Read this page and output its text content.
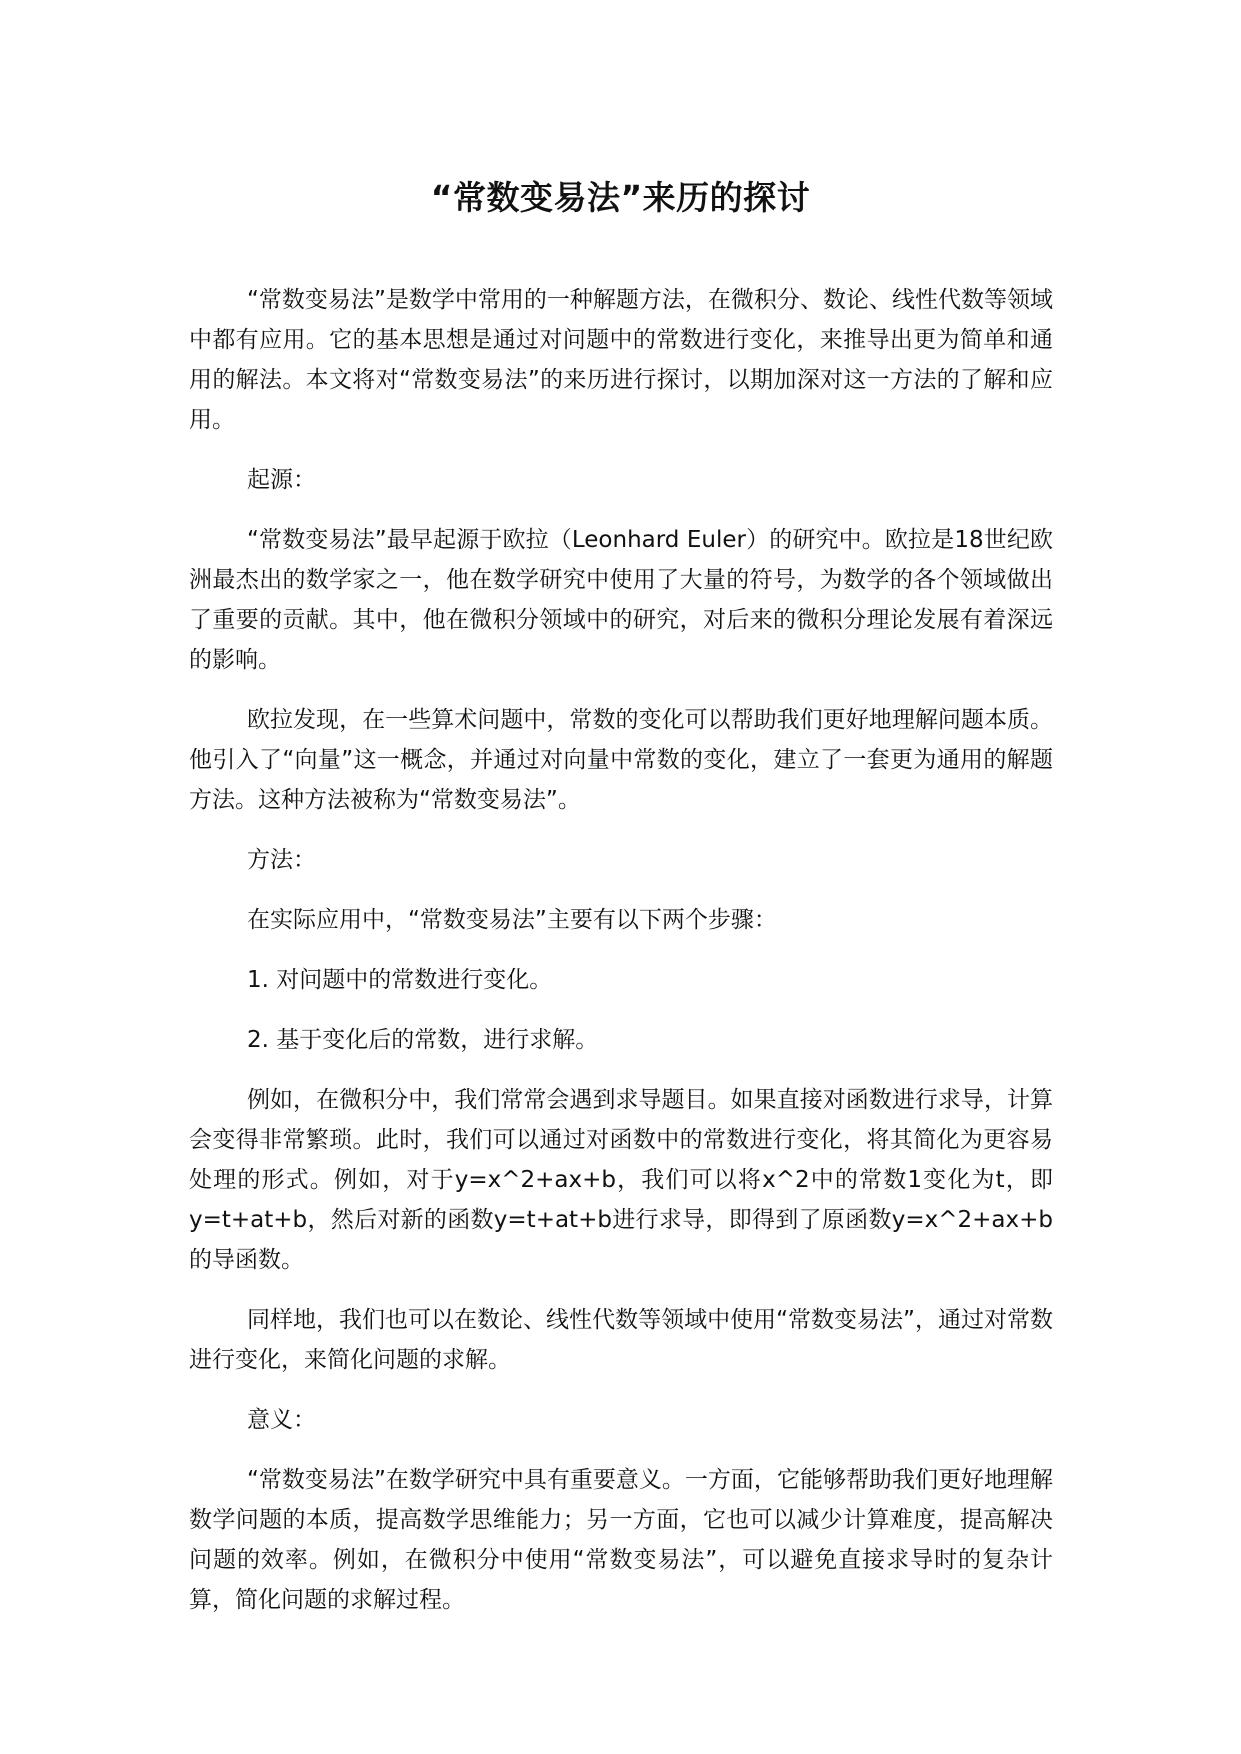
“常数变易法”来历的探讨

“常数变易法”是数学中常用的一种解题方法，在微积分、数论、线性代数等领域中都有应用。它的基本思想是通过对问题中的常数进行变化，来推导出更为简单和通用的解法。本文将对“常数变易法”的来历进行探讨，以期加深对这一方法的了解和应用。

起源：

“常数变易法”最早起源于欧拉（Leonhard Euler）的研究中。欧拉是18世纪欧洲最杰出的数学家之一，他在数学研究中使用了大量的符号，为数学的各个领域做出了重要的贡献。其中，他在微积分领域中的研究，对后来的微积分理论发展有着深远的影响。

欧拉发现，在一些算术问题中，常数的变化可以帮助我们更好地理解问题本质。他引入了“向量”这一概念，并通过对向量中常数的变化，建立了一套更为通用的解题方法。这种方法被称为“常数变易法”。

方法：

在实际应用中，“常数变易法”主要有以下两个步骤：

1. 对问题中的常数进行变化。

2. 基于变化后的常数，进行求解。

例如，在微积分中，我们常常会遇到求导题目。如果直接对函数进行求导，计算会变得非常繁琐。此时，我们可以通过对函数中的常数进行变化，将其简化为更容易处理的形式。例如，对于y=x^2+ax+b，我们可以将x^2中的常数1变化为t，即y=t+at+b，然后对新的函数y=t+at+b进行求导，即得到了原函数y=x^2+ax+b的导函数。

同样地，我们也可以在数论、线性代数等领域中使用“常数变易法”，通过对常数进行变化，来简化问题的求解。

意义：

“常数变易法”在数学研究中具有重要意义。一方面，它能够帮助我们更好地理解数学问题的本质，提高数学思维能力；另一方面，它也可以减少计算难度，提高解决问题的效率。例如，在微积分中使用“常数变易法”，可以避免直接求导时的复杂计算，简化问题的求解过程。
